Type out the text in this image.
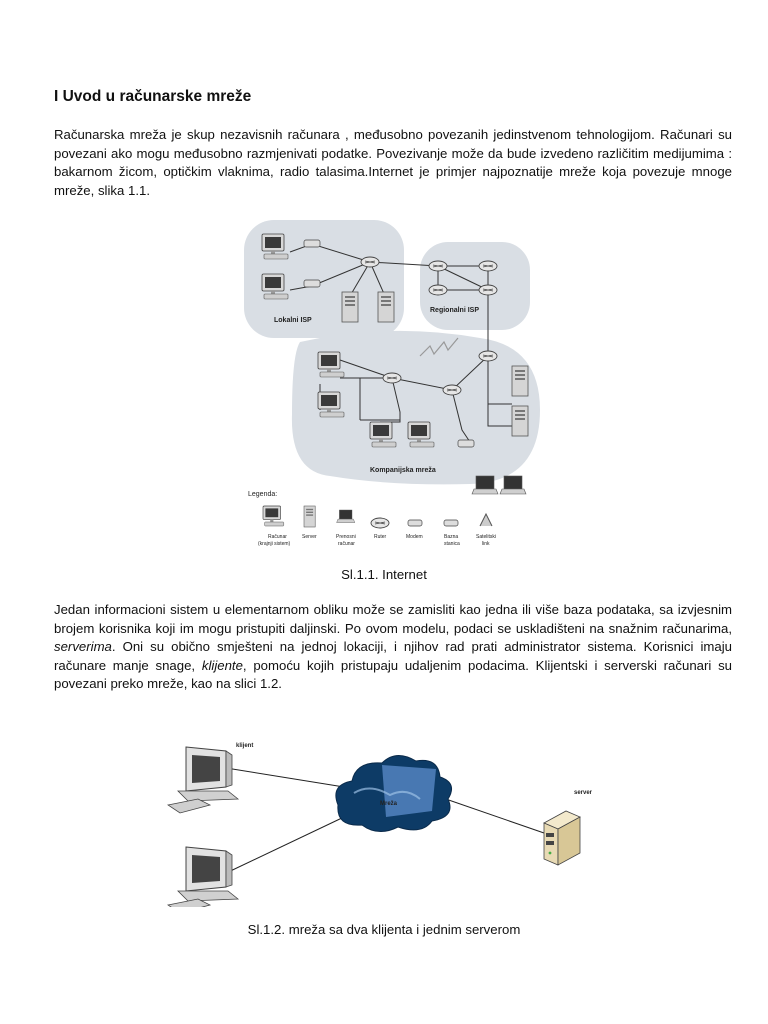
I Uvod u računarske mreže
Računarska mreža je skup nezavisnih računara , međusobno povezanih jedinstvenom tehnologijom. Računari su povezani ako mogu međusobno razmjenivati podatke. Povezivanje može da bude izvedeno različitim medijumima : bakarnom žicom, optičkim vlaknima, radio talasima.Internet je primjer najpoznatije mreže koja povezuje mnoge mreže, slika 1.1.
Lokalni ISP
Regionalni ISP
Kompanijska mreža
Legenda:
Računar
(krajnji sistem)
Server	Prenosni
računar
Ruter	Modem	Bazna
stanica
Satelitski
link
Sl.1.1. Internet
Jedan informacioni sistem u elementarnom obliku može se zamisliti kao jedna ili više baza podataka, sa izvjesnim brojem korisnika koji im mogu pristupiti daljinski. Po ovom modelu, podaci se uskladišteni na snažnim računarima, serverima. Oni su obično smješteni na jednoj lokaciji, i njihov rad prati administrator sistema. Korisnici imaju računare manje snage, klijente, pomoću kojih pristupaju udaljenim podacima. Klijentski i serverski računari su povezani preko mreže, kao na slici 1.2.
klijent
Mreža
server
Sl.1.2. mreža sa dva klijenta i jednim serverom
